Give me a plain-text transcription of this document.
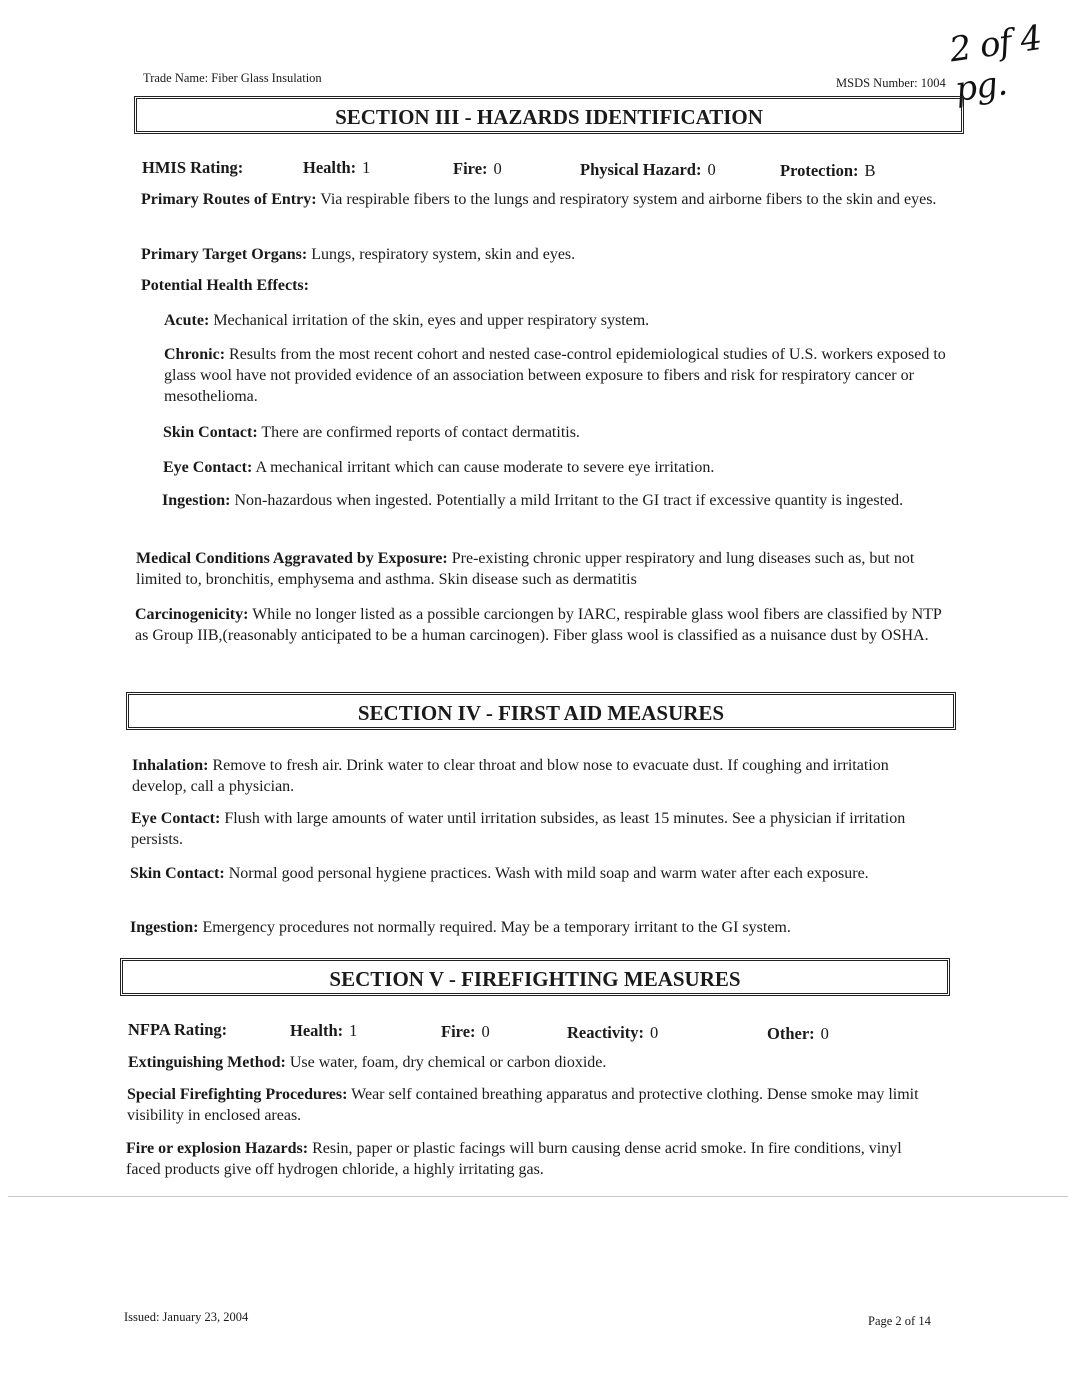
Trade Name: Fiber Glass Insulation	MSDS Number: 1004
2 of 4 pg.
SECTION III - HAZARDS IDENTIFICATION
HMIS Rating:	Health: 1	Fire: 0	Physical Hazard: 0	Protection: B

Primary Routes of Entry: Via respirable fibers to the lungs and respiratory system and airborne fibers to the skin and eyes.

Primary Target Organs: Lungs, respiratory system, skin and eyes.

Potential Health Effects:

Acute: Mechanical irritation of the skin, eyes and upper respiratory system.

Chronic: Results from the most recent cohort and nested case-control epidemiological studies of U.S. workers exposed to glass wool have not provided evidence of an association between exposure to fibers and risk for respiratory cancer or mesothelioma.

Skin Contact: There are confirmed reports of contact dermatitis.

Eye Contact: A mechanical irritant which can cause moderate to severe eye irritation.

Ingestion: Non-hazardous when ingested. Potentially a mild Irritant to the GI tract if excessive quantity is ingested.

Medical Conditions Aggravated by Exposure: Pre-existing chronic upper respiratory and lung diseases such as, but not limited to, bronchitis, emphysema and asthma. Skin disease such as dermatitis

Carcinogenicity: While no longer listed as a possible carciongen by IARC, respirable glass wool fibers are classified by NTP as Group IIB,(reasonably anticipated to be a human carcinogen). Fiber glass wool is classified as a nuisance dust by OSHA.

SECTION IV - FIRST AID MEASURES

Inhalation: Remove to fresh air. Drink water to clear throat and blow nose to evacuate dust. If coughing and irritation develop, call a physician.

Eye Contact: Flush with large amounts of water until irritation subsides, as least 15 minutes. See a physician if irritation persists.

Skin Contact: Normal good personal hygiene practices. Wash with mild soap and warm water after each exposure.

Ingestion: Emergency procedures not normally required. May be a temporary irritant to the GI system.

SECTION V - FIREFIGHTING MEASURES
NFPA Rating:	Health: 1	Fire: 0	Reactivity: 0	Other: 0

Extinguishing Method: Use water, foam, dry chemical or carbon dioxide.

Special Firefighting Procedures: Wear self contained breathing apparatus and protective clothing. Dense smoke may limit visibility in enclosed areas.

Fire or explosion Hazards: Resin, paper or plastic facings will burn causing dense acrid smoke. In fire conditions, vinyl faced products give off hydrogen chloride, a highly irritating gas.

Issued: January 23, 2004	Page 2 of 14
